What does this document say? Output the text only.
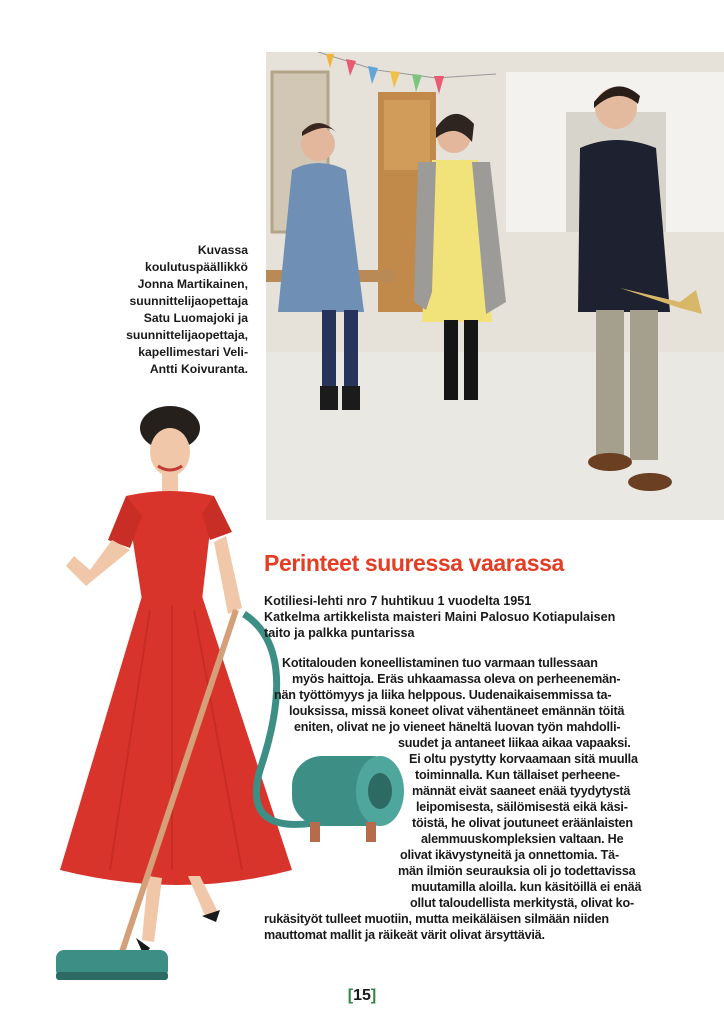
Kuvassa
koulutuspäällikkö
Jonna Martikainen,
suunnittelijaopettaja
Satu Luomajoki ja
suunnittelijaopettaja,
kapellimestari Veli-
Antti Koivuranta.
Perinteet suuressa vaarassa
Kotiliesi-lehti nro 7 huhtikuu 1 vuodelta 1951
Katkelma artikkelista maisteri Maini Palosuo Kotiapulaisen
taito ja palkka puntarissa
Kotitalouden koneellistaminen tuo varmaan tullessaan
myös haittoja. Eräs uhkaamassa oleva on perheenemän-
nän työttömyys ja liika helppous. Uudenaikaisemmissa ta-
louksissa, missä koneet olivat vähentäneet emännän töitä
eniten, olivat ne jo vieneet häneltä luovan työn mahdolli-
suudet ja antaneet liikaa aikaa vapaaksi.
Ei oltu pystytty korvaamaan sitä muulla
toiminnalla. Kun tällaiset perheene-
männät eivät saaneet enää tyydytystä
leipomisesta, säilömisestä eikä käsi-
töistä, he olivat joutuneet eräänlaisten
alemmuuskompleksien valtaan. He
olivat ikävystyneitä ja onnettomia. Tä-
män ilmiön seurauksia oli jo todettavissa
muutamilla aloilla. kun käsitöillä ei enää
ollut taloudellista merkitystä, olivat ko-
rukäsityöt tulleet muotiin, mutta meikäläisen silmään niiden
mauttomat mallit ja räikeät värit olivat ärsyttäviä.
[15]
